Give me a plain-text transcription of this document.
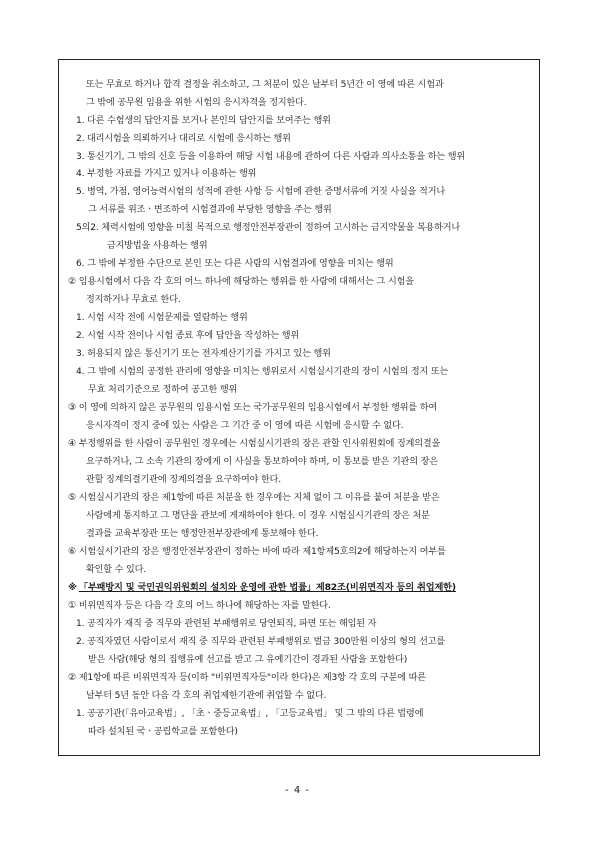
또는 무효로 하거나 합격 결정을 취소하고, 그 처분이 있은 날부터 5년간 이 영에 따른 시험과
그 밖에 공무원 임용을 위한 시험의 응시자격을 정지한다.
1. 다른 수험생의 답안지를 보거나 본인의 답안지를 보여주는 행위
2. 대리시험을 의뢰하거나 대리로 시험에 응시하는 행위
3. 통신기기, 그 밖의 신호 등을 이용하여 해당 시험 내용에 관하여 다른 사람과 의사소통을 하는 행위
4. 부정한 자료를 가지고 있거나 이용하는 행위
5. 병역, 가점, 영어능력시험의 성적에 관한 사항 등 시험에 관한 증명서류에 거짓 사실을 적거나
그 서류를 위조ㆍ변조하여 시험결과에 부당한 영향을 주는 행위
5의2. 체력시험에 영향을 미칠 목적으로 행정안전부장관이 정하여 고시하는 금지약물을 복용하거나
금지방법을 사용하는 행위
6. 그 밖에 부정한 수단으로 본인 또는 다른 사람의 시험결과에 영향을 미치는 행위
② 임용시험에서 다음 각 호의 어느 하나에 해당하는 행위를 한 사람에 대해서는 그 시험을
정지하거나 무효로 한다.
1. 시험 시작 전에 시험문제를 열람하는 행위
2. 시험 시작 전이나 시험 종료 후에 답안을 작성하는 행위
3. 허용되지 않은 통신기기 또는 전자계산기기를 가지고 있는 행위
4. 그 밖에 시험의 공정한 관리에 영향을 미치는 행위로서 시험실시기관의 장이 시험의 정지 또는
무효 처리기준으로 정하여 공고한 행위
③ 이 영에 의하지 않은 공무원의 임용시험 또는 국가공무원의 임용시험에서 부정한 행위를 하여
응시자격이 정지 중에 있는 사람은 그 기간 중 이 영에 따른 시험에 응시할 수 없다.
④ 부정행위를 한 사람이 공무원인 경우에는 시험실시기관의 장은 관할 인사위원회에 징계의결을
요구하거나, 그 소속 기관의 장에게 이 사실을 통보하여야 하며, 이 통보를 받은 기관의 장은
관할 징계의결기관에 징계의결을 요구하여야 한다.
⑤ 시험실시기관의 장은 제1항에 따른 처분을 한 경우에는 지체 없이 그 이유를 붙여 처분을 받은
사람에게 통지하고 그 명단을 관보에 게재하여야 한다. 이 경우 시험실시기관의 장은 처분
결과를 교육부장관 또는 행정안전부장관에게 통보해야 한다.
⑥ 시험실시기관의 장은 행정안전부장관이 정하는 바에 따라 제1항제5호의2에 해당하는지 여부를
확인할 수 있다.
※ 「부패방지 및 국민권익위원회의 설치와 운영에 관한 법률」제82조(비위면직자 등의 취업제한)
① 비위면직자 등은 다음 각 호의 어느 하나에 해당하는 자를 말한다.
1. 공직자가 재직 중 직무와 관련된 부패행위로 당연퇴직, 파면 또는 해임된 자
2. 공직자였던 사람이로서 재직 중 직무와 관련된 부패행위로 벌금 300만원 이상의 형의 선고를
받은 사람(해당 형의 집행유예 선고를 받고 그 유예기간이 경과된 사람을 포함한다)
② 제1항에 따른 비위면직자 등(이하 "비위면직자등"이라 한다)은 제3항 각 호의 구분에 따른
날부터 5년 동안 다음 각 호의 취업제한기관에 취업할 수 없다.
1. 공공기관(「유아교육법」, 「초ㆍ중등교육법」, 「고등교육법」 및 그 밖의 다른 법령에
따라 설치된 국ㆍ공립학교를 포함한다)
- 4 -
